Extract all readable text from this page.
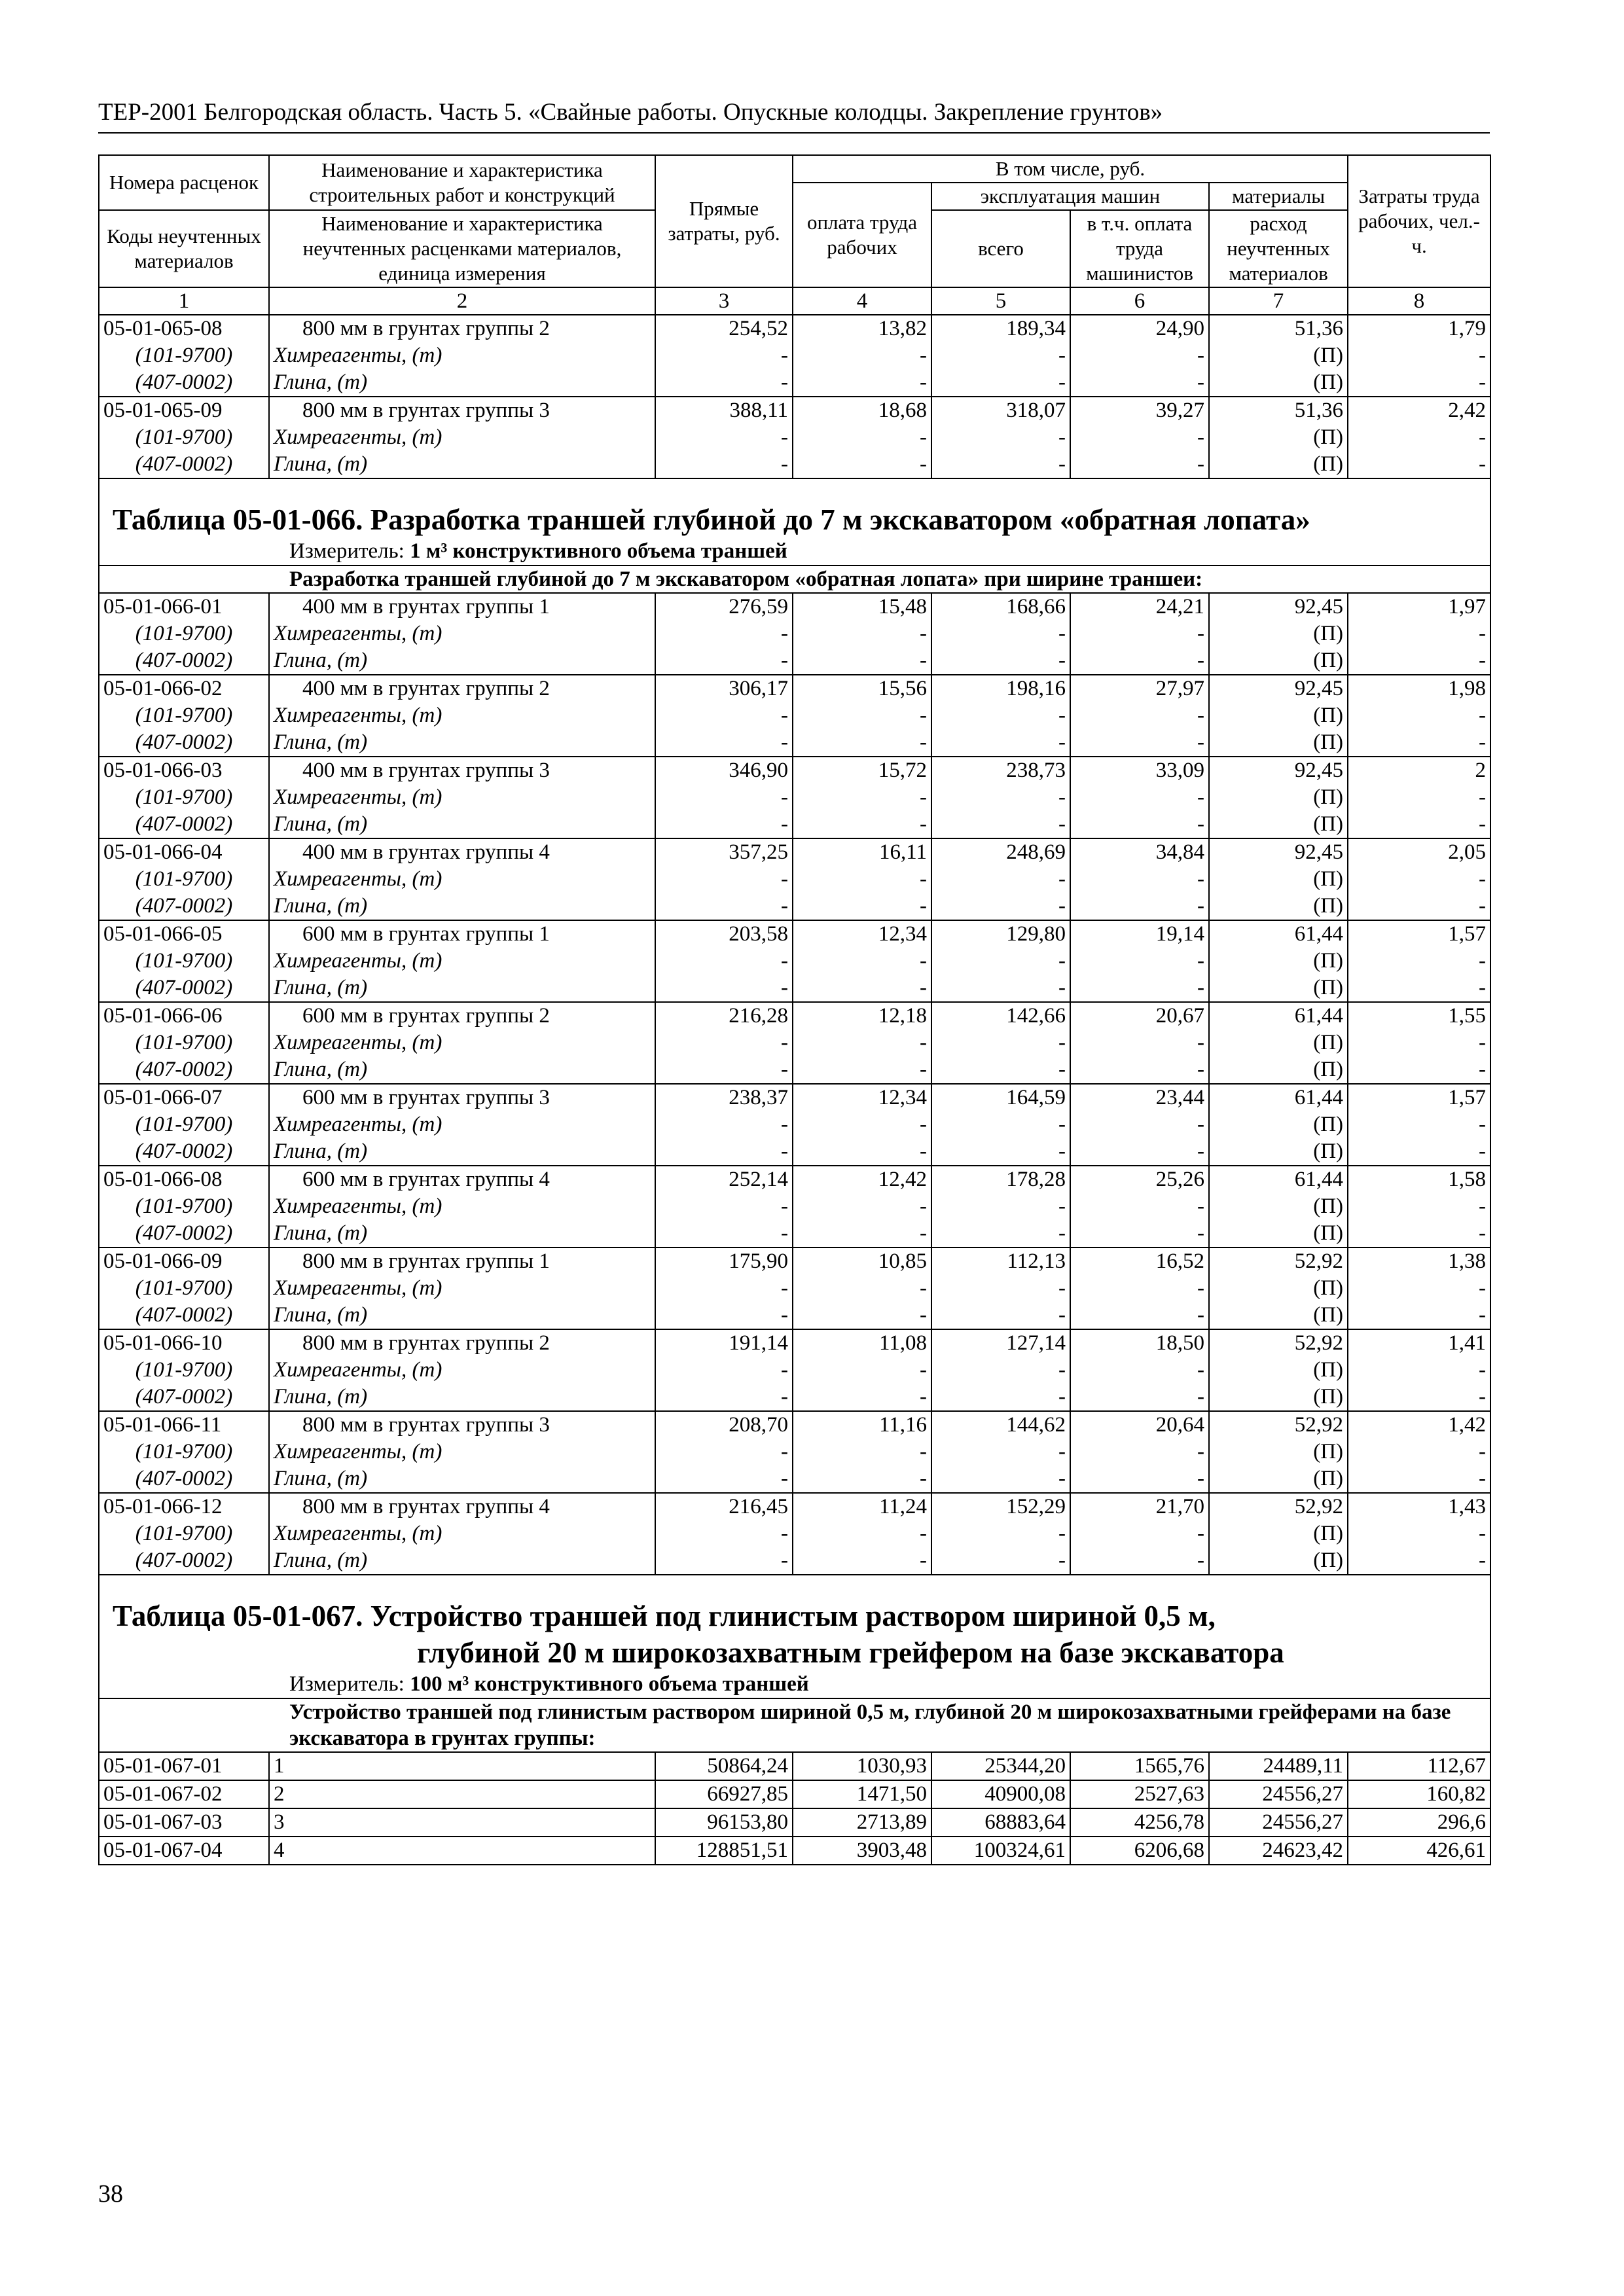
ТЕР-2001 Белгородская область. Часть 5. «Свайные работы. Опускные колодцы. Закрепление грунтов»
Номера расценок	Наименование и характеристика строительных работ и конструкций	Прямые затраты, руб.	В том числе, руб.				Затраты труда рабочих, чел.-ч.
			оплата труда рабочих	эксплуатация машин		материалы	
Коды неучтенных материалов	Наименование и характеристика неучтенных расценками материалов, единица измерения			всего	в т.ч. оплата труда машинистов	расход неучтенных материалов	

1	2	3	4	5	6	7	8
05-01-065-08	800 мм в грунтах группы 2	254,52	13,82	189,34	24,90	51,36	1,79
(101-9700)	Химреагенты, (т)	-	-	-	-	(П)	-
(407-0002)	Глина, (т)	-	-	-	-	(П)	-
05-01-065-09	800 мм в грунтах группы 3	388,11	18,68	318,07	39,27	51,36	2,42
(101-9700)	Химреагенты, (т)	-	-	-	-	(П)	-
(407-0002)	Глина, (т)	-	-	-	-	(П)	-

Таблица 05-01-066. Разработка траншей глубиной до 7 м экскаватором «обратная лопата»							

Измеритель: 1 м³ конструктивного объема траншей							
Разработка траншей глубиной до 7 м экскаватором «обратная лопата» при ширине траншеи:							
05-01-066-01	400 мм в грунтах группы 1	276,59	15,48	168,66	24,21	92,45	1,97
(101-9700)	Химреагенты, (т)	-	-	-	-	(П)	-
(407-0002)	Глина, (т)	-	-	-	-	(П)	-
05-01-066-02	400 мм в грунтах группы 2	306,17	15,56	198,16	27,97	92,45	1,98
(101-9700)	Химреагенты, (т)	-	-	-	-	(П)	-
(407-0002)	Глина, (т)	-	-	-	-	(П)	-
05-01-066-03	400 мм в грунтах группы 3	346,90	15,72	238,73	33,09	92,45	2
(101-9700)	Химреагенты, (т)	-	-	-	-	(П)	-
(407-0002)	Глина, (т)	-	-	-	-	(П)	-
05-01-066-04	400 мм в грунтах группы 4	357,25	16,11	248,69	34,84	92,45	2,05
(101-9700)	Химреагенты, (т)	-	-	-	-	(П)	-
(407-0002)	Глина, (т)	-	-	-	-	(П)	-
05-01-066-05	600 мм в грунтах группы 1	203,58	12,34	129,80	19,14	61,44	1,57
(101-9700)	Химреагенты, (т)	-	-	-	-	(П)	-
(407-0002)	Глина, (т)	-	-	-	-	(П)	-
05-01-066-06	600 мм в грунтах группы 2	216,28	12,18	142,66	20,67	61,44	1,55
(101-9700)	Химреагенты, (т)	-	-	-	-	(П)	-
(407-0002)	Глина, (т)	-	-	-	-	(П)	-
05-01-066-07	600 мм в грунтах группы 3	238,37	12,34	164,59	23,44	61,44	1,57
(101-9700)	Химреагенты, (т)	-	-	-	-	(П)	-
(407-0002)	Глина, (т)	-	-	-	-	(П)	-
05-01-066-08	600 мм в грунтах группы 4	252,14	12,42	178,28	25,26	61,44	1,58
(101-9700)	Химреагенты, (т)	-	-	-	-	(П)	-
(407-0002)	Глина, (т)	-	-	-	-	(П)	-
05-01-066-09	800 мм в грунтах группы 1	175,90	10,85	112,13	16,52	52,92	1,38
(101-9700)	Химреагенты, (т)	-	-	-	-	(П)	-
(407-0002)	Глина, (т)	-	-	-	-	(П)	-
05-01-066-10	800 мм в грунтах группы 2	191,14	11,08	127,14	18,50	52,92	1,41
(101-9700)	Химреагенты, (т)	-	-	-	-	(П)	-
(407-0002)	Глина, (т)	-	-	-	-	(П)	-
05-01-066-11	800 мм в грунтах группы 3	208,70	11,16	144,62	20,64	52,92	1,42
(101-9700)	Химреагенты, (т)	-	-	-	-	(П)	-
(407-0002)	Глина, (т)	-	-	-	-	(П)	-
05-01-066-12	800 мм в грунтах группы 4	216,45	11,24	152,29	21,70	52,92	1,43
(101-9700)	Химреагенты, (т)	-	-	-	-	(П)	-
(407-0002)	Глина, (т)	-	-	-	-	(П)	-

Таблица 05-01-067. Устройство траншей под глинистым раствором шириной 0,5 м,
глубиной 20 м широкозахватным грейфером на базе экскаватора							

Измеритель: 100 м³ конструктивного объема траншей							
Устройство траншей под глинистым раствором шириной 0,5 м, глубиной 20 м широкозахватными грейферами на базе экскаватора в грунтах группы:							
05-01-067-01	1	50864,24	1030,93	25344,20	1565,76	24489,11	112,67
05-01-067-02	2	66927,85	1471,50	40900,08	2527,63	24556,27	160,82
05-01-067-03	3	96153,80	2713,89	68883,64	4256,78	24556,27	296,6
05-01-067-04	4	128851,51	3903,48	100324,61	6206,68	24623,42	426,61
38
